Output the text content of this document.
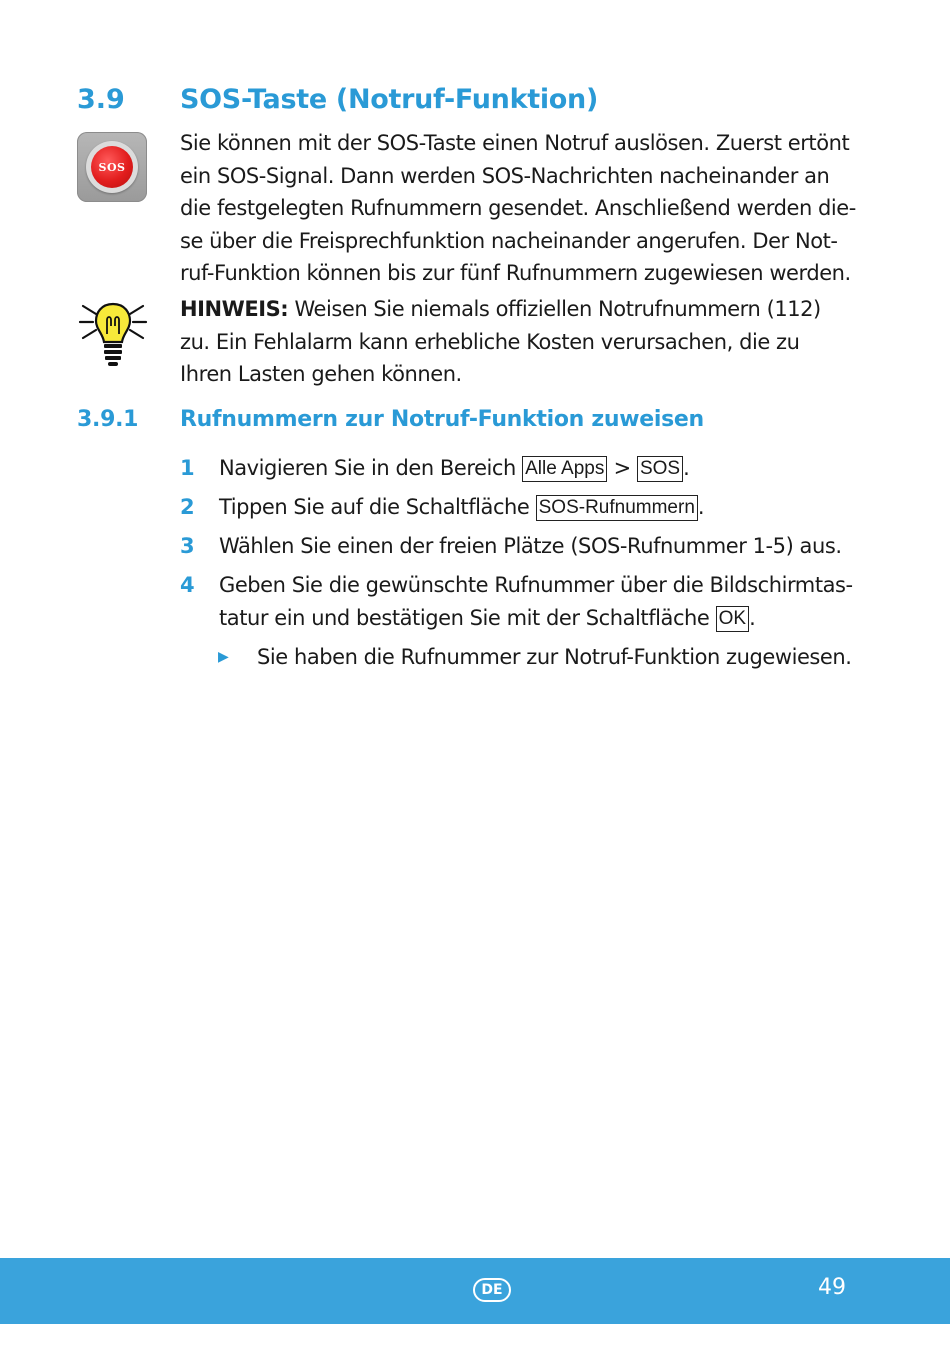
3.9 SOS-Taste (Notruf-Funktion)
SOS
Sie können mit der SOS-Taste einen Notruf auslösen. Zuerst ertönt
ein SOS-Signal. Dann werden SOS-Nachrichten nacheinander an
die festgelegten Rufnummern gesendet. Anschließend werden die-
se über die Freisprechfunktion nacheinander angerufen. Der Not-
ruf-Funktion können bis zur fünf Rufnummern zugewiesen werden.
HINWEIS: Weisen Sie niemals offiziellen Notrufnummern (112)
zu. Ein Fehlalarm kann erhebliche Kosten verursachen, die zu
Ihren Lasten gehen können.
3.9.1 Rufnummern zur Notruf-Funktion zuweisen
1	Navigieren Sie in den Bereich Alle Apps > SOS .
2	Tippen Sie auf die Schaltfläche SOS-Rufnummern .
3	Wählen Sie einen der freien Plätze (SOS-Rufnummer 1-5) aus.
4	Geben Sie die gewünschte Rufnummer über die Bildschirmtas-
tatur ein und bestätigen Sie mit der Schaltfläche OK .
▶ Sie haben die Rufnummer zur Notruf-Funktion zugewiesen.
DE	49
